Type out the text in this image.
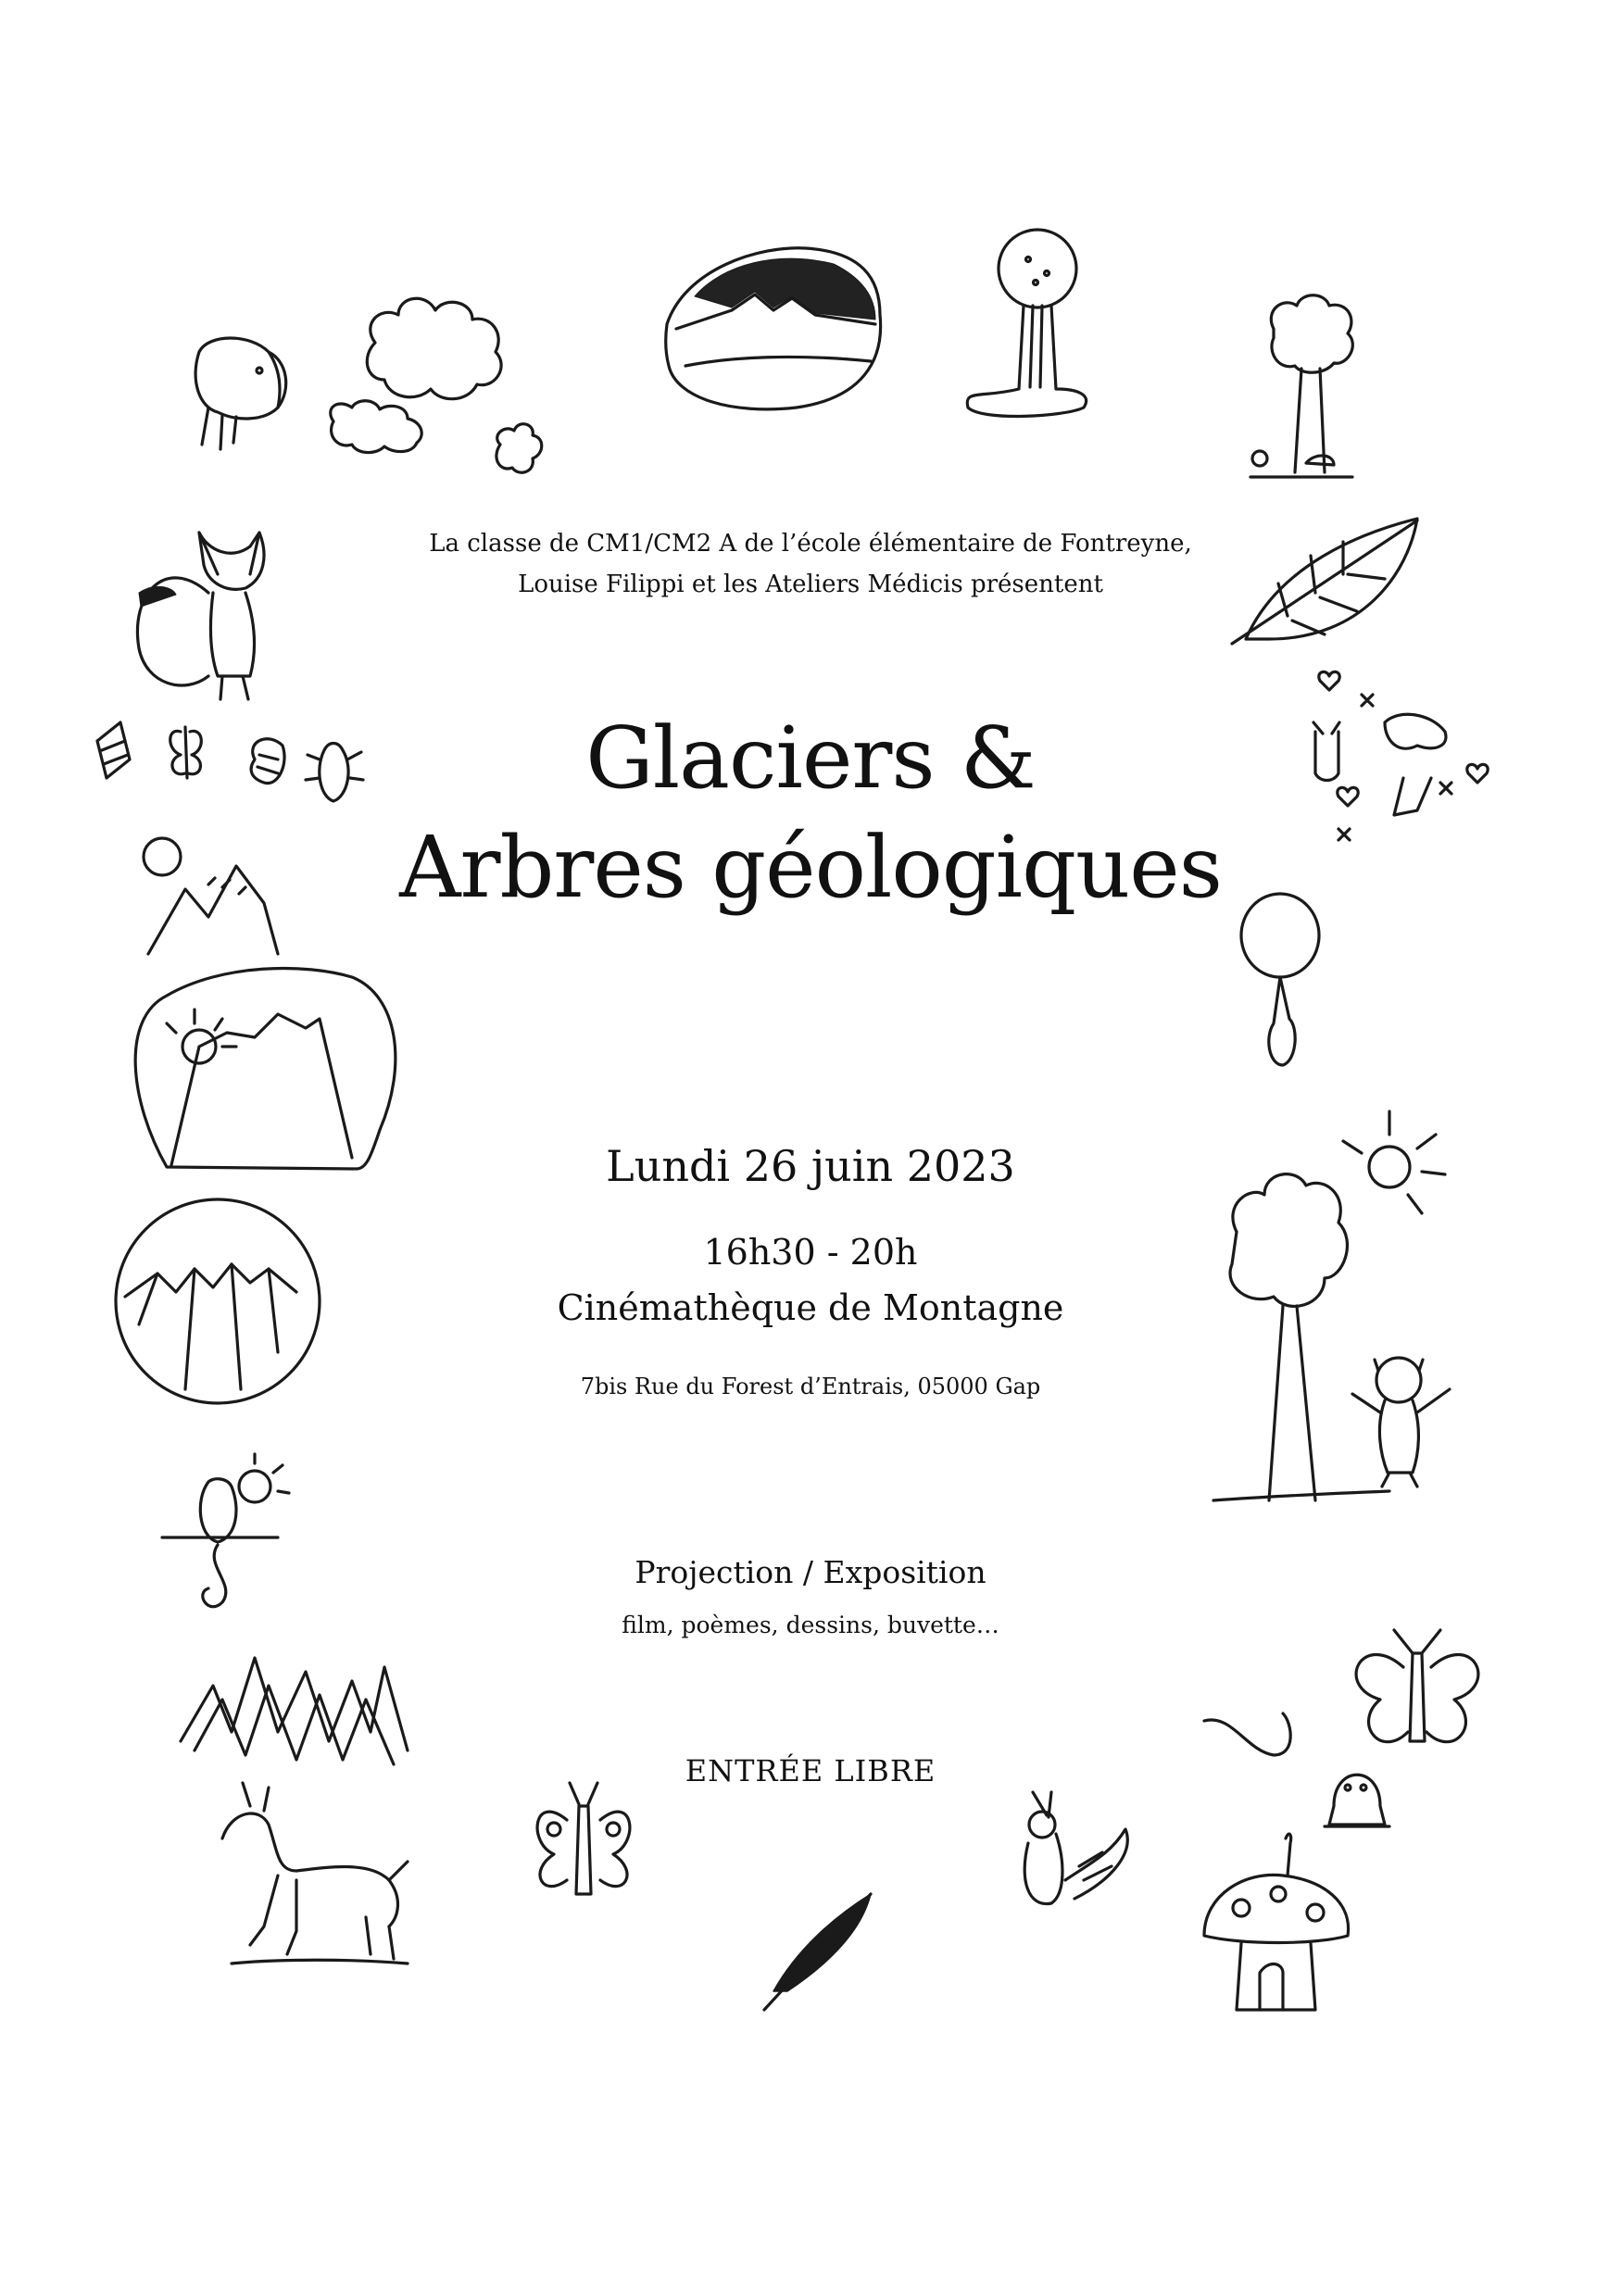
La classe de CM1/CM2 A de l’école élémentaire de Fontreyne,
Louise Filippi et les Ateliers Médicis présentent
Glaciers &
Arbres géologiques
Lundi 26 juin 2023
16h30 - 20h
Cinémathèque de Montagne
7bis Rue du Forest d’Entrais, 05000 Gap
Projection / Exposition
film, poèmes, dessins, buvette…
ENTRÉE LIBRE
